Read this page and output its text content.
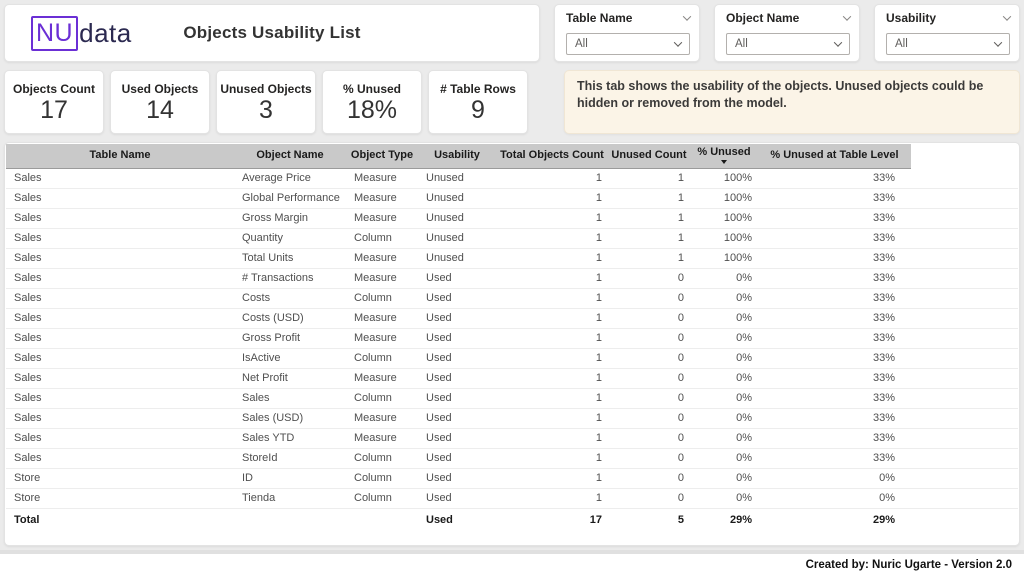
NU data	Objects Usability List
Table Name
All
Object Name
All
Usability
All
Objects Count
17
Used Objects
14
Unused Objects
3
% Unused
18%
# Table Rows
9
This tab shows the usability of the objects. Unused objects could be hidden or removed from the model.
Table Name	Object Name	Object Type	Usability	Total Objects Count	Unused Count	% Unused	% Unused at Table Level	

Sales	Average Price	Measure	Unused	1	1	100%	33%	
Sales	Global Performance	Measure	Unused	1	1	100%	33%	
Sales	Gross Margin	Measure	Unused	1	1	100%	33%	
Sales	Quantity	Column	Unused	1	1	100%	33%	
Sales	Total Units	Measure	Unused	1	1	100%	33%	
Sales	# Transactions	Measure	Used	1	0	0%	33%	
Sales	Costs	Column	Used	1	0	0%	33%	
Sales	Costs (USD)	Measure	Used	1	0	0%	33%	
Sales	Gross Profit	Measure	Used	1	0	0%	33%	
Sales	IsActive	Column	Used	1	0	0%	33%	
Sales	Net Profit	Measure	Used	1	0	0%	33%	
Sales	Sales	Column	Used	1	0	0%	33%	
Sales	Sales (USD)	Measure	Used	1	0	0%	33%	
Sales	Sales YTD	Measure	Used	1	0	0%	33%	
Sales	StoreId	Column	Used	1	0	0%	33%	
Store	ID	Column	Used	1	0	0%	0%	
Store	Tienda	Column	Used	1	0	0%	0%	
Total			Used	17	5	29%	29%	
Created by: Nuric Ugarte - Version 2.0
